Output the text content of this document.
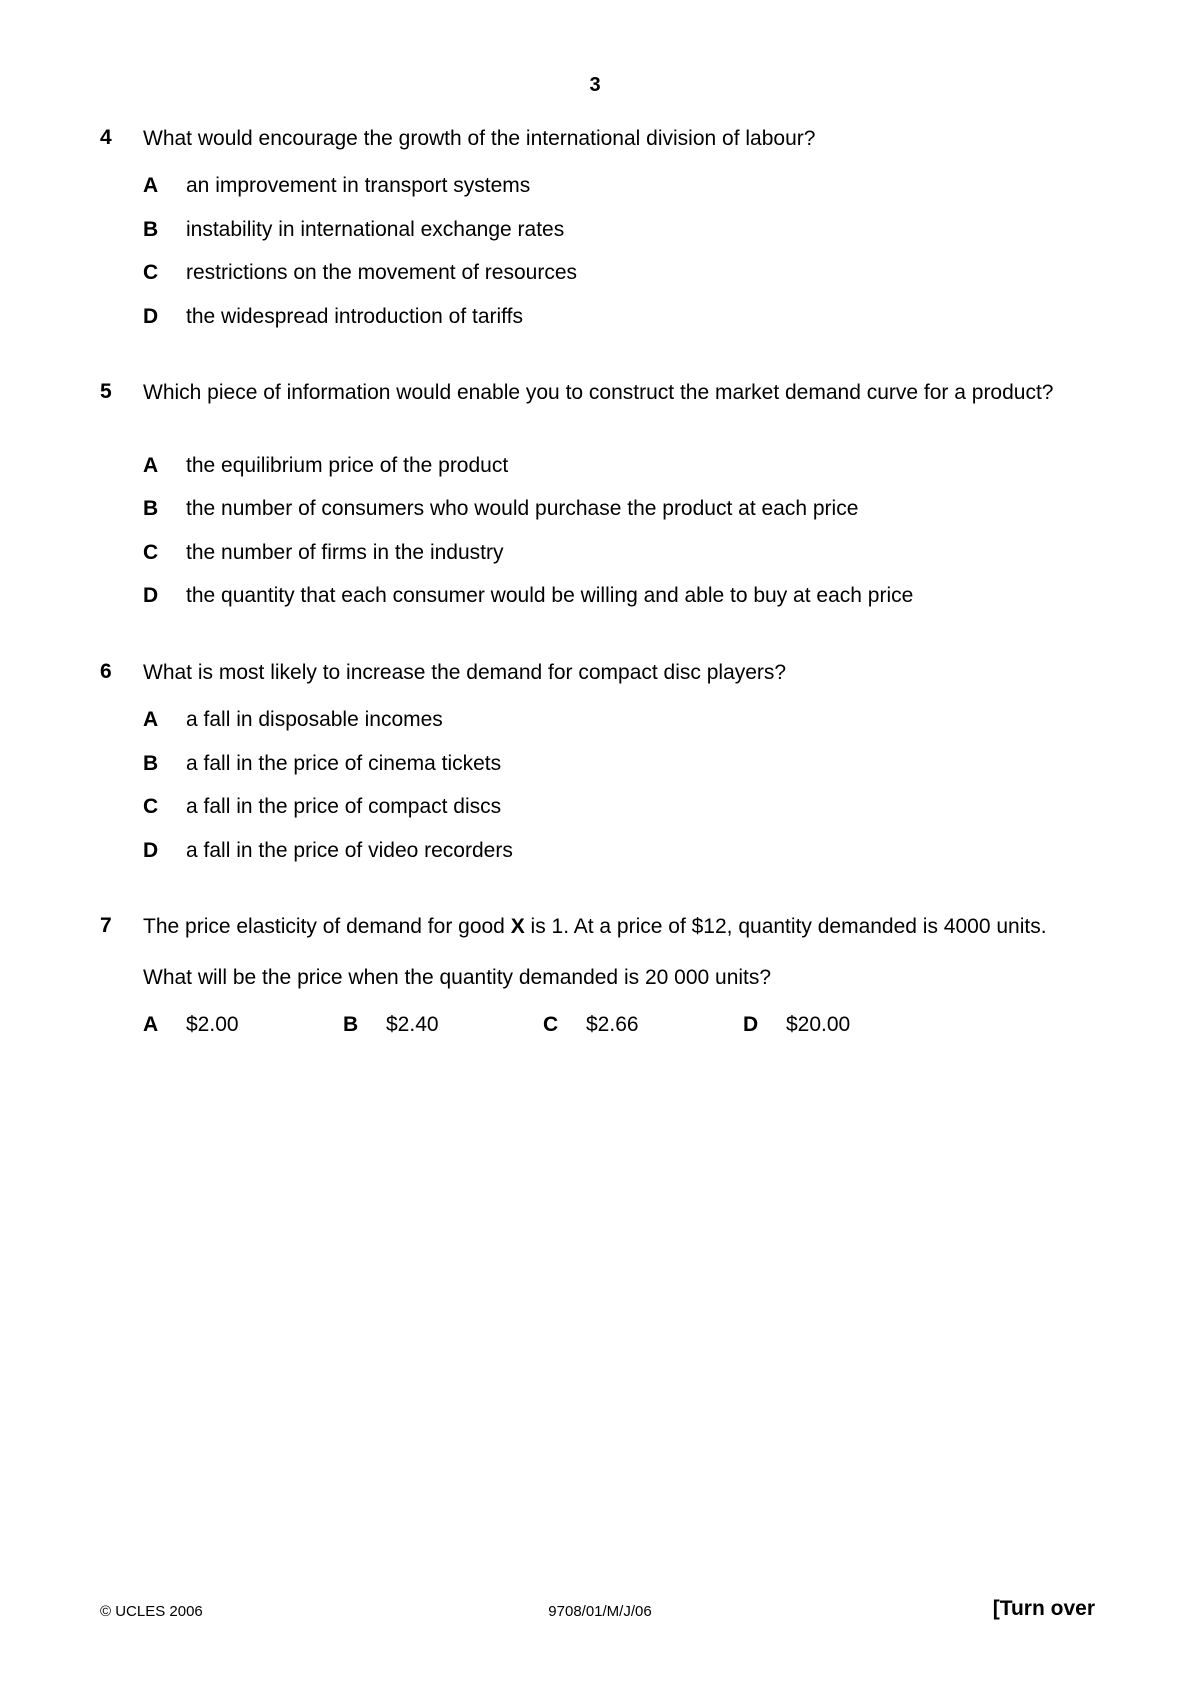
3
4 What would encourage the growth of the international division of labour?
A an improvement in transport systems
B instability in international exchange rates
C restrictions on the movement of resources
D the widespread introduction of tariffs
5 Which piece of information would enable you to construct the market demand curve for a product?
A the equilibrium price of the product
B the number of consumers who would purchase the product at each price
C the number of firms in the industry
D the quantity that each consumer would be willing and able to buy at each price
6 What is most likely to increase the demand for compact disc players?
A a fall in disposable incomes
B a fall in the price of cinema tickets
C a fall in the price of compact discs
D a fall in the price of video recorders
7 The price elasticity of demand for good X is 1. At a price of $12, quantity demanded is 4000 units.
What will be the price when the quantity demanded is 20 000 units?
A $2.00	B $2.40	C $2.66	D $20.00
© UCLES 2006	9708/01/M/J/06	[Turn over
